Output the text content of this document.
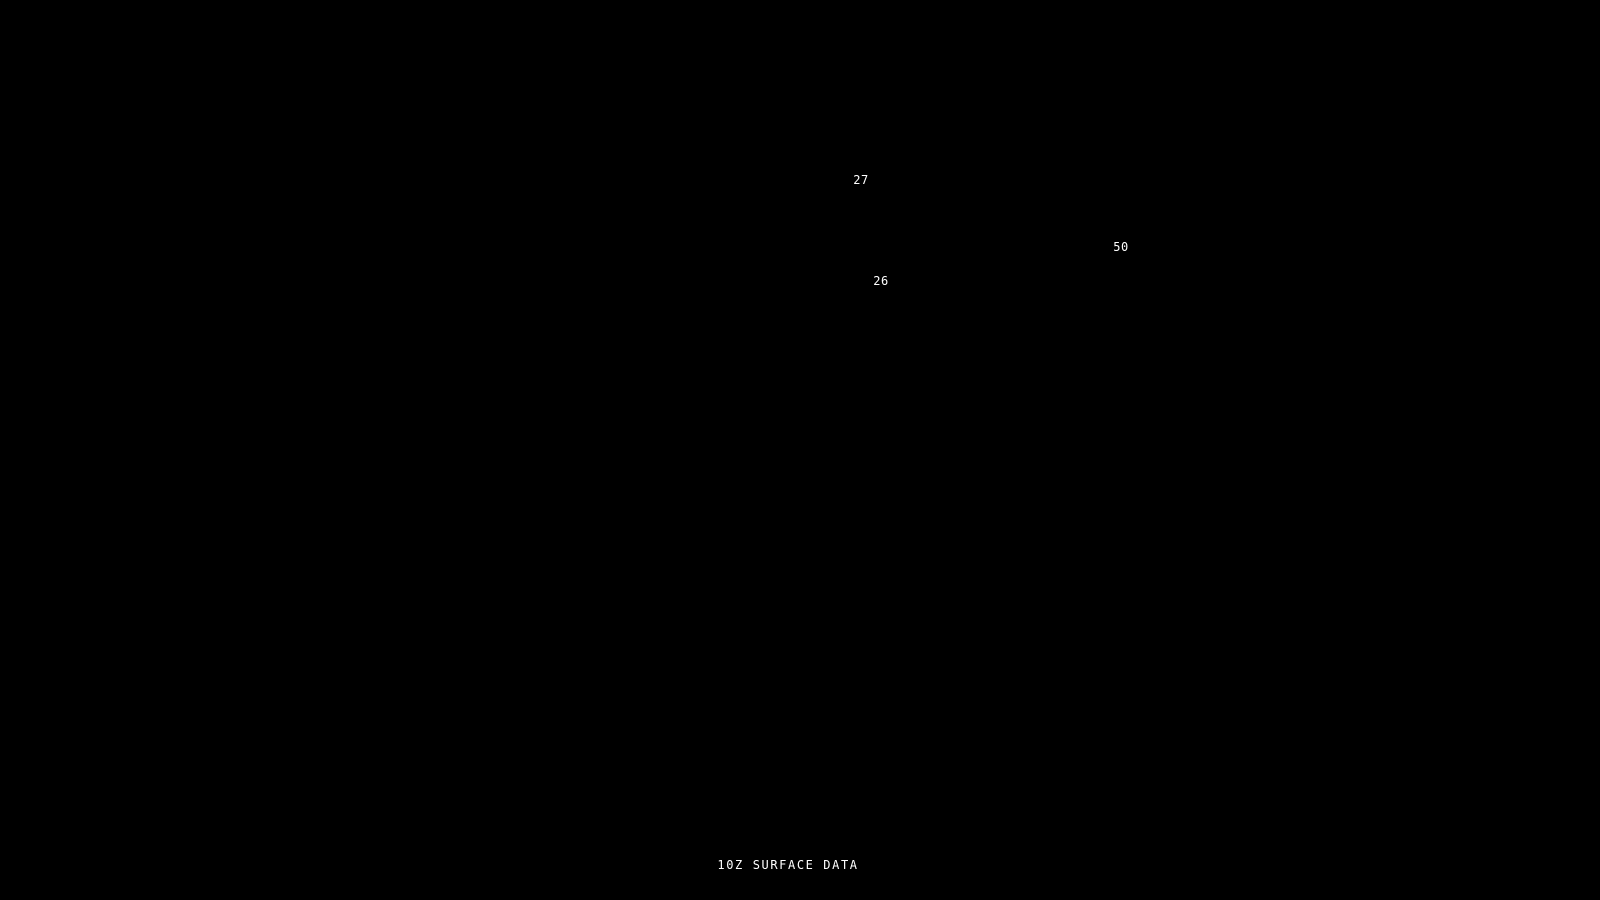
27
50
26
10Z SURFACE DATA
